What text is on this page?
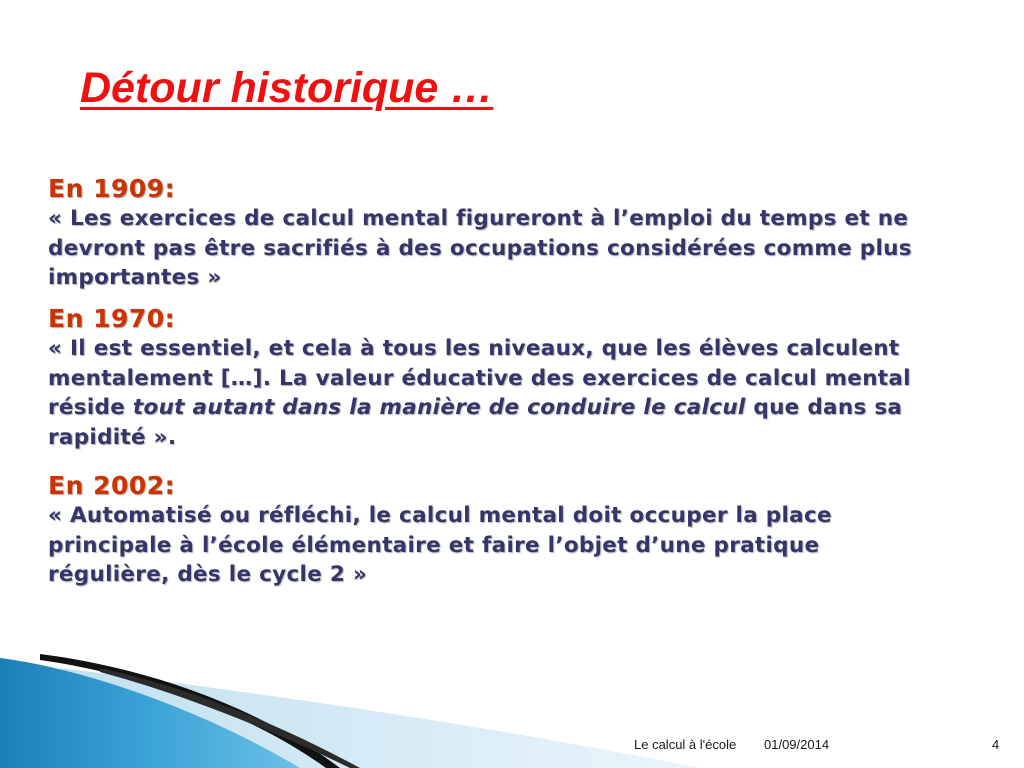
Détour historique …
En 1909:
« Les exercices de calcul mental figureront à l’emploi du temps et ne devront pas être sacrifiés à des occupations considérées comme plus importantes »
En 1970:
« Il est essentiel, et cela à tous les niveaux, que les élèves calculent mentalement […]. La valeur éducative des exercices de calcul mental réside tout autant dans la manière de conduire le calcul que dans sa rapidité ».
En 2002:
« Automatisé ou réfléchi, le calcul mental doit occuper la place principale à l’école élémentaire et faire l’objet d’une pratique régulière, dès le cycle 2 »
Le calcul à l'école 01/09/2014	4
